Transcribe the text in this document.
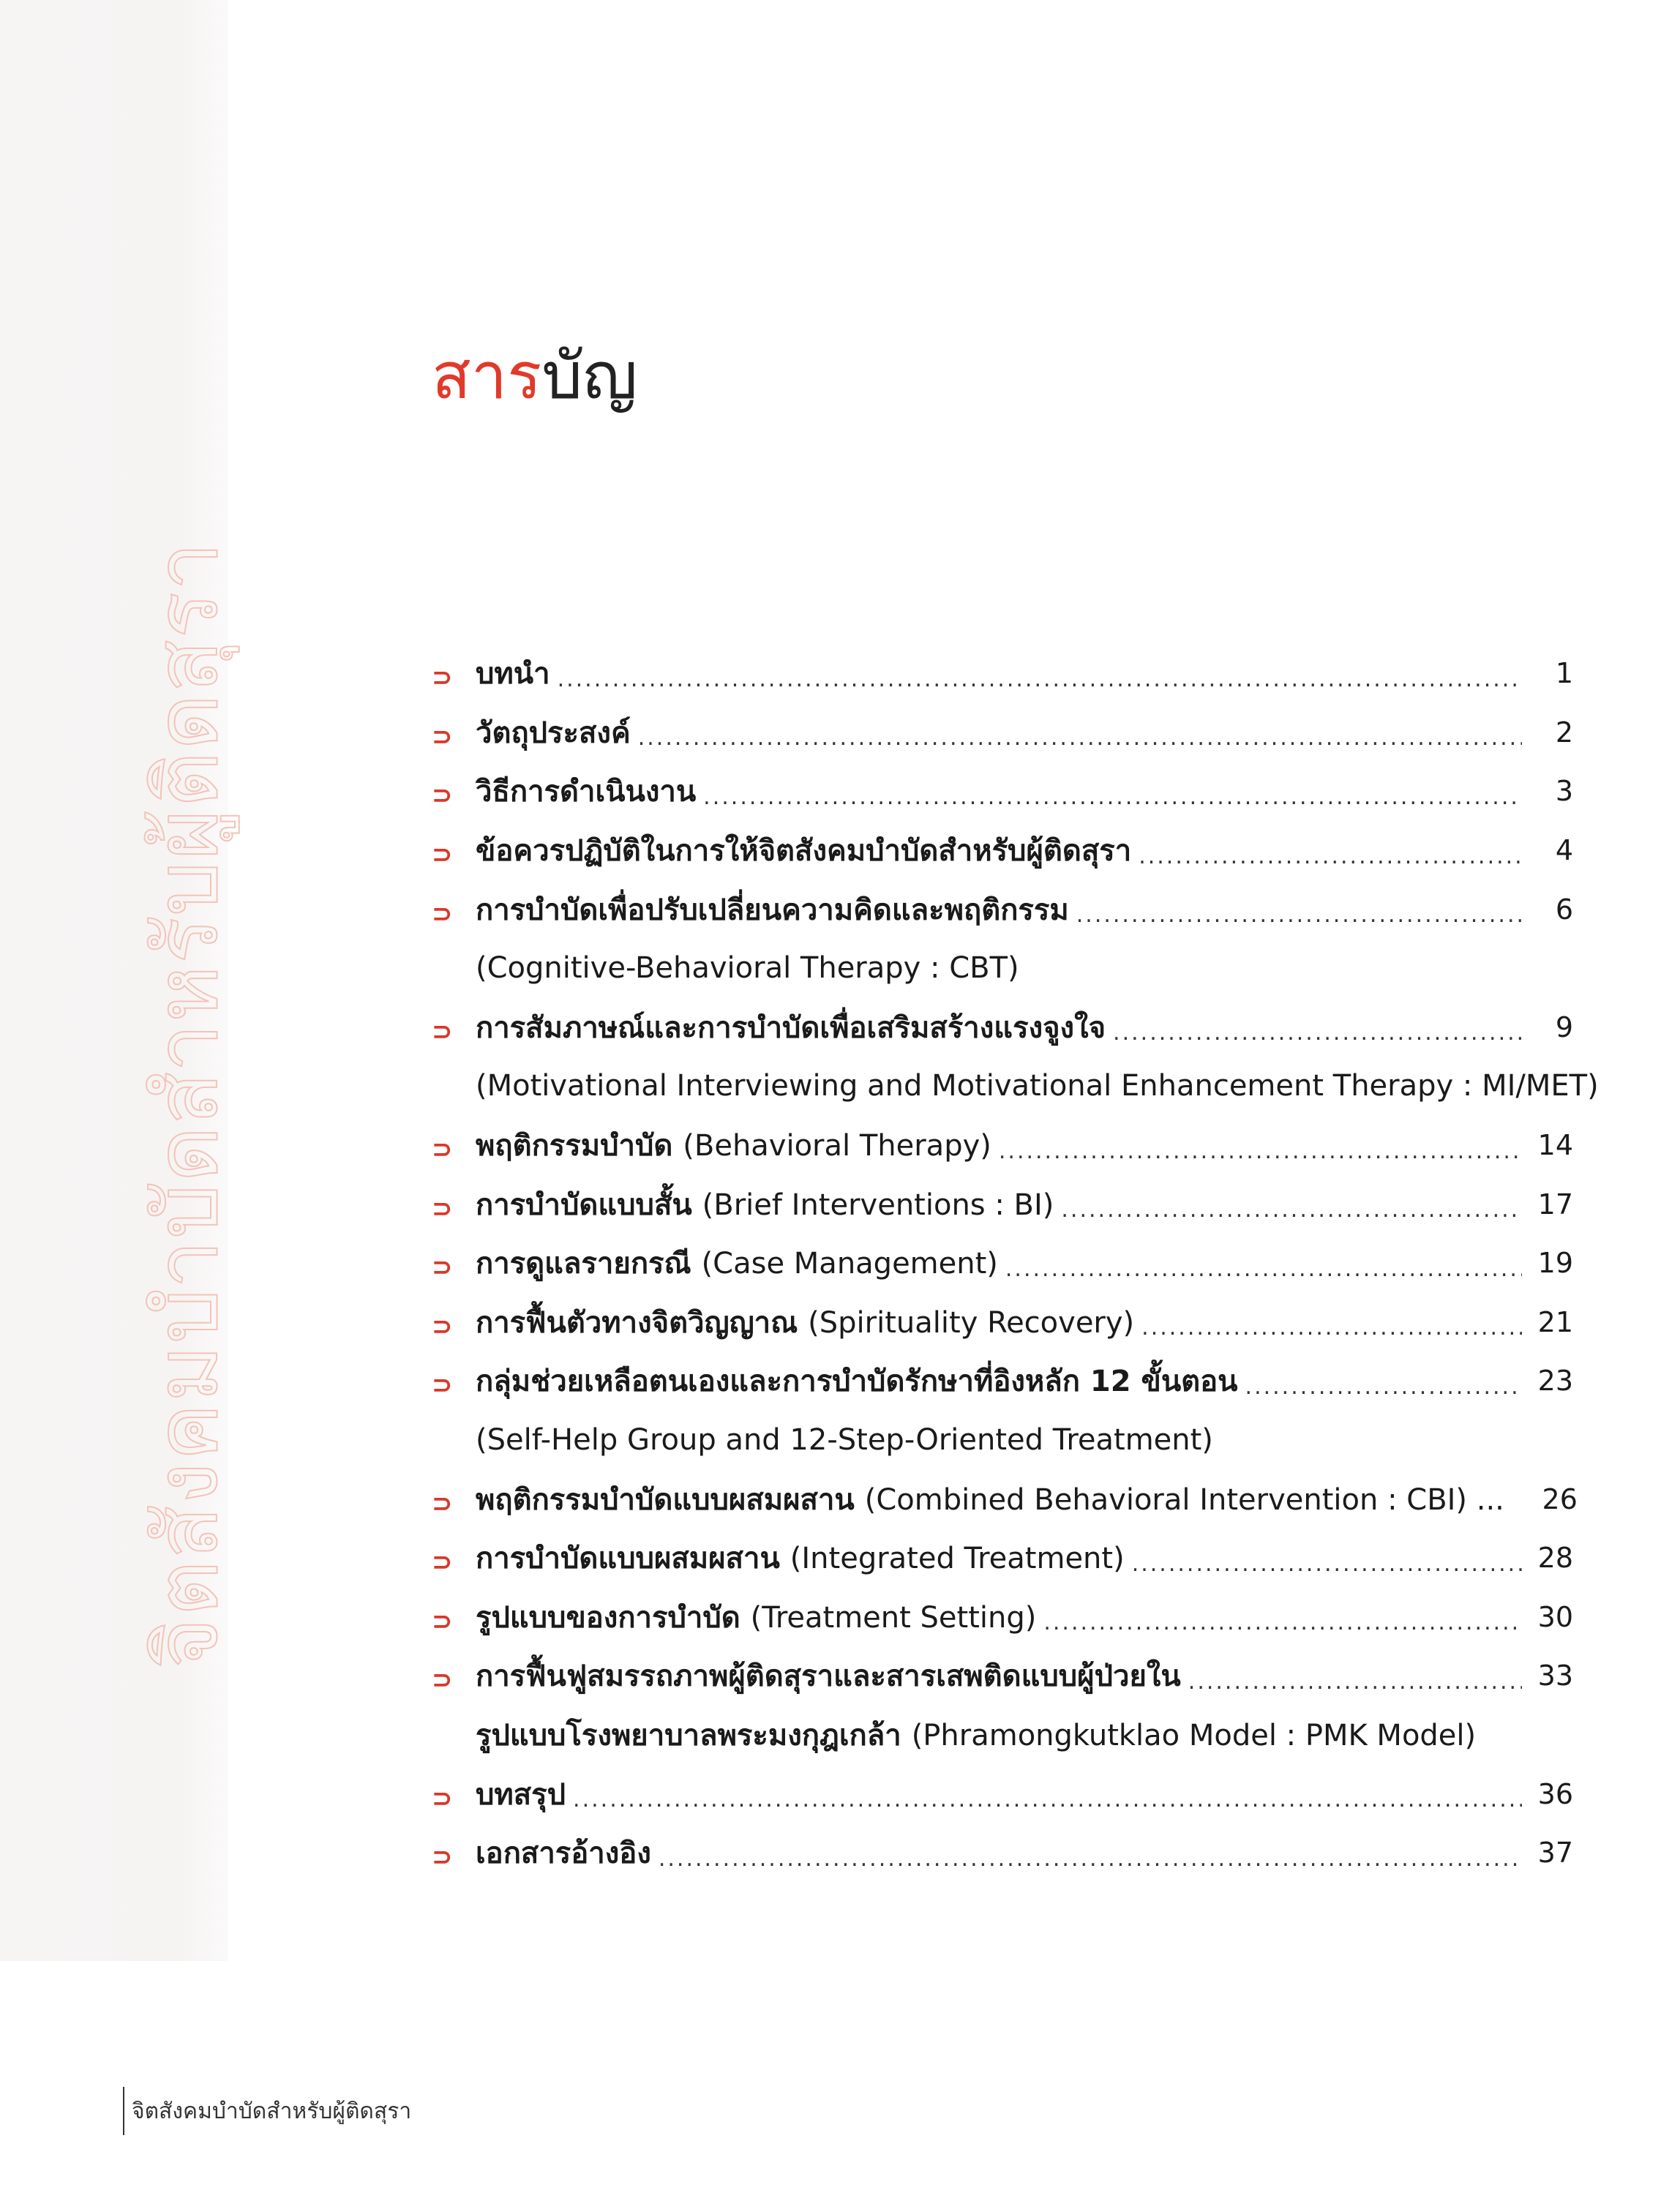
จิตสังคมบำบัดสำหรับผู้ติดสุรา
สารบัญ
⊃ บทนำ .....	1
⊃ วัตถุประสงค์ .....	2
⊃ วิธีการดำเนินงาน .....	3
⊃ ข้อควรปฏิบัติในการให้จิตสังคมบำบัดสำหรับผู้ติดสุรา .....	4
⊃ การบำบัดเพื่อปรับเปลี่ยนความคิดและพฤติกรรม .....	6
(Cognitive-Behavioral Therapy : CBT)
⊃ การสัมภาษณ์และการบำบัดเพื่อเสริมสร้างแรงจูงใจ .....	9
(Motivational Interviewing and Motivational Enhancement Therapy : MI/MET)
⊃ พฤติกรรมบำบัด (Behavioral Therapy) .....	14
⊃ การบำบัดแบบสั้น (Brief Interventions : BI) .....	17
⊃ การดูแลรายกรณี (Case Management) .....	19
⊃ การฟื้นตัวทางจิตวิญญาณ (Spirituality Recovery) .....	21
⊃ กลุ่มช่วยเหลือตนเองและการบำบัดรักษาที่อิงหลัก 12 ขั้นตอน .....	23
(Self-Help Group and 12-Step-Oriented Treatment)
⊃ พฤติกรรมบำบัดแบบผสมผสาน (Combined Behavioral Intervention : CBI) ...	26
⊃ การบำบัดแบบผสมผสาน (Integrated Treatment) .....	28
⊃ รูปแบบของการบำบัด (Treatment Setting) .....	30
⊃ การฟื้นฟูสมรรถภาพผู้ติดสุราและสารเสพติดแบบผู้ป่วยใน .....	33
รูปแบบโรงพยาบาลพระมงกุฎเกล้า (Phramongkutklao Model : PMK Model)
⊃ บทสรุป .....	36
⊃ เอกสารอ้างอิง .....	37
จิตสังคมบำบัดสำหรับผู้ติดสุรา
